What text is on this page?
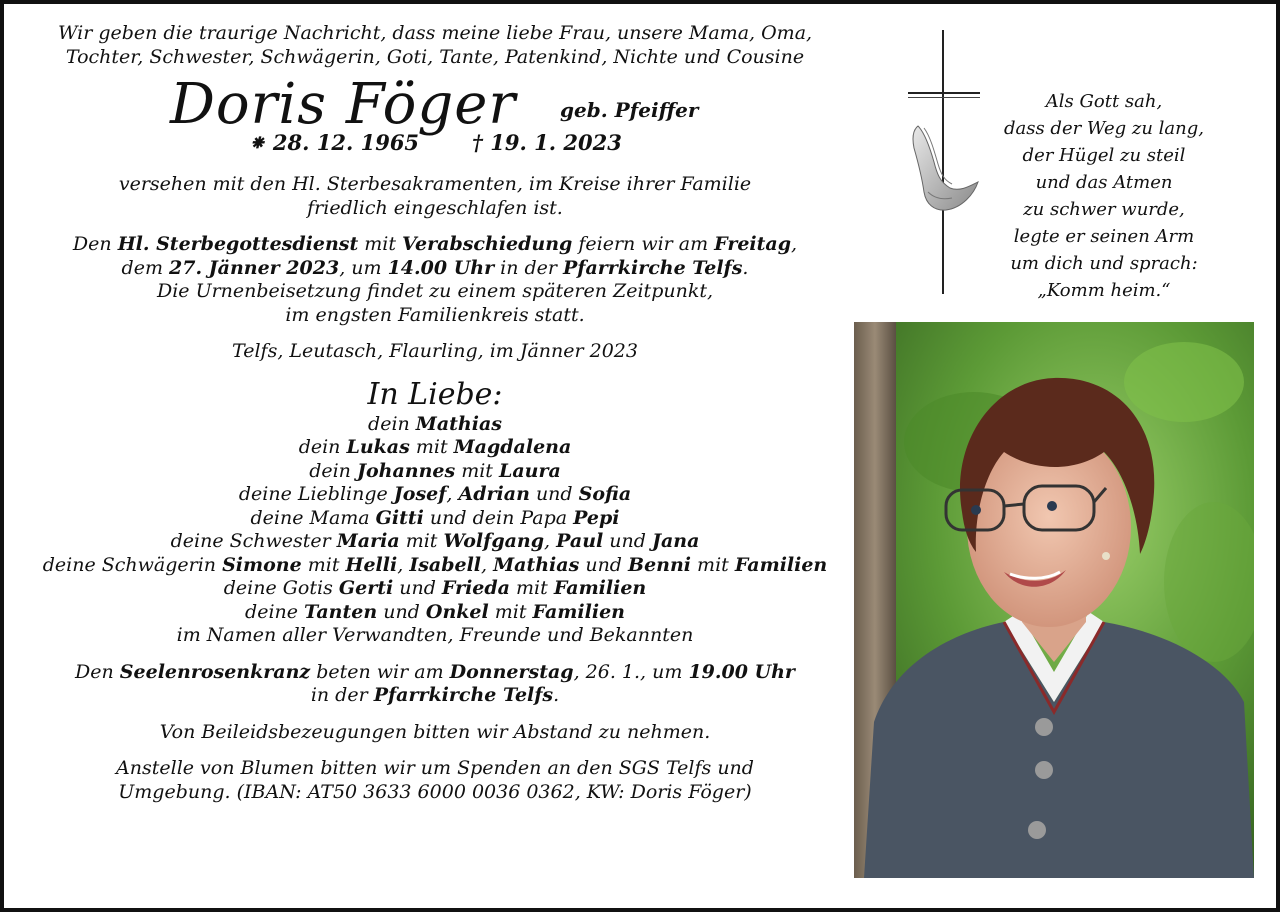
Wir geben die traurige Nachricht, dass meine liebe Frau, unsere Mama, Oma,

Tochter, Schwester, Schwägerin, Goti, Tante, Patenkind, Nichte und Cousine

Doris Föger geb. Pfeiffer
⁕ 28. 12. 1965	† 19. 1. 2023

versehen mit den Hl. Sterbesakramenten, im Kreise ihrer Familie

friedlich eingeschlafen ist.

Den Hl. Sterbegottesdienst mit Verabschiedung feiern wir am Freitag,

dem 27. Jänner 2023, um 14.00 Uhr in der Pfarrkirche Telfs.

Die Urnenbeisetzung findet zu einem späteren Zeitpunkt,

im engsten Familienkreis statt.

Telfs, Leutasch, Flaurling, im Jänner 2023

In Liebe:

dein Mathias

dein Lukas mit Magdalena

dein Johannes mit Laura

deine Lieblinge Josef, Adrian und Sofia

deine Mama Gitti und dein Papa Pepi

deine Schwester Maria mit Wolfgang, Paul und Jana

deine Schwägerin Simone mit Helli, Isabell, Mathias und Benni mit Familien

deine Gotis Gerti und Frieda mit Familien

deine Tanten und Onkel mit Familien

im Namen aller Verwandten, Freunde und Bekannten

Den Seelenrosenkranz beten wir am Donnerstag, 26. 1., um 19.00 Uhr

in der Pfarrkirche Telfs.

Von Beileidsbezeugungen bitten wir Abstand zu nehmen.

Anstelle von Blumen bitten wir um Spenden an den SGS Telfs und

Umgebung. (IBAN: AT50 3633 6000 0036 0362, KW: Doris Föger)

Als Gott sah,

dass der Weg zu lang,

der Hügel zu steil

und das Atmen

zu schwer wurde,

legte er seinen Arm

um dich und sprach:

„Komm heim.“
